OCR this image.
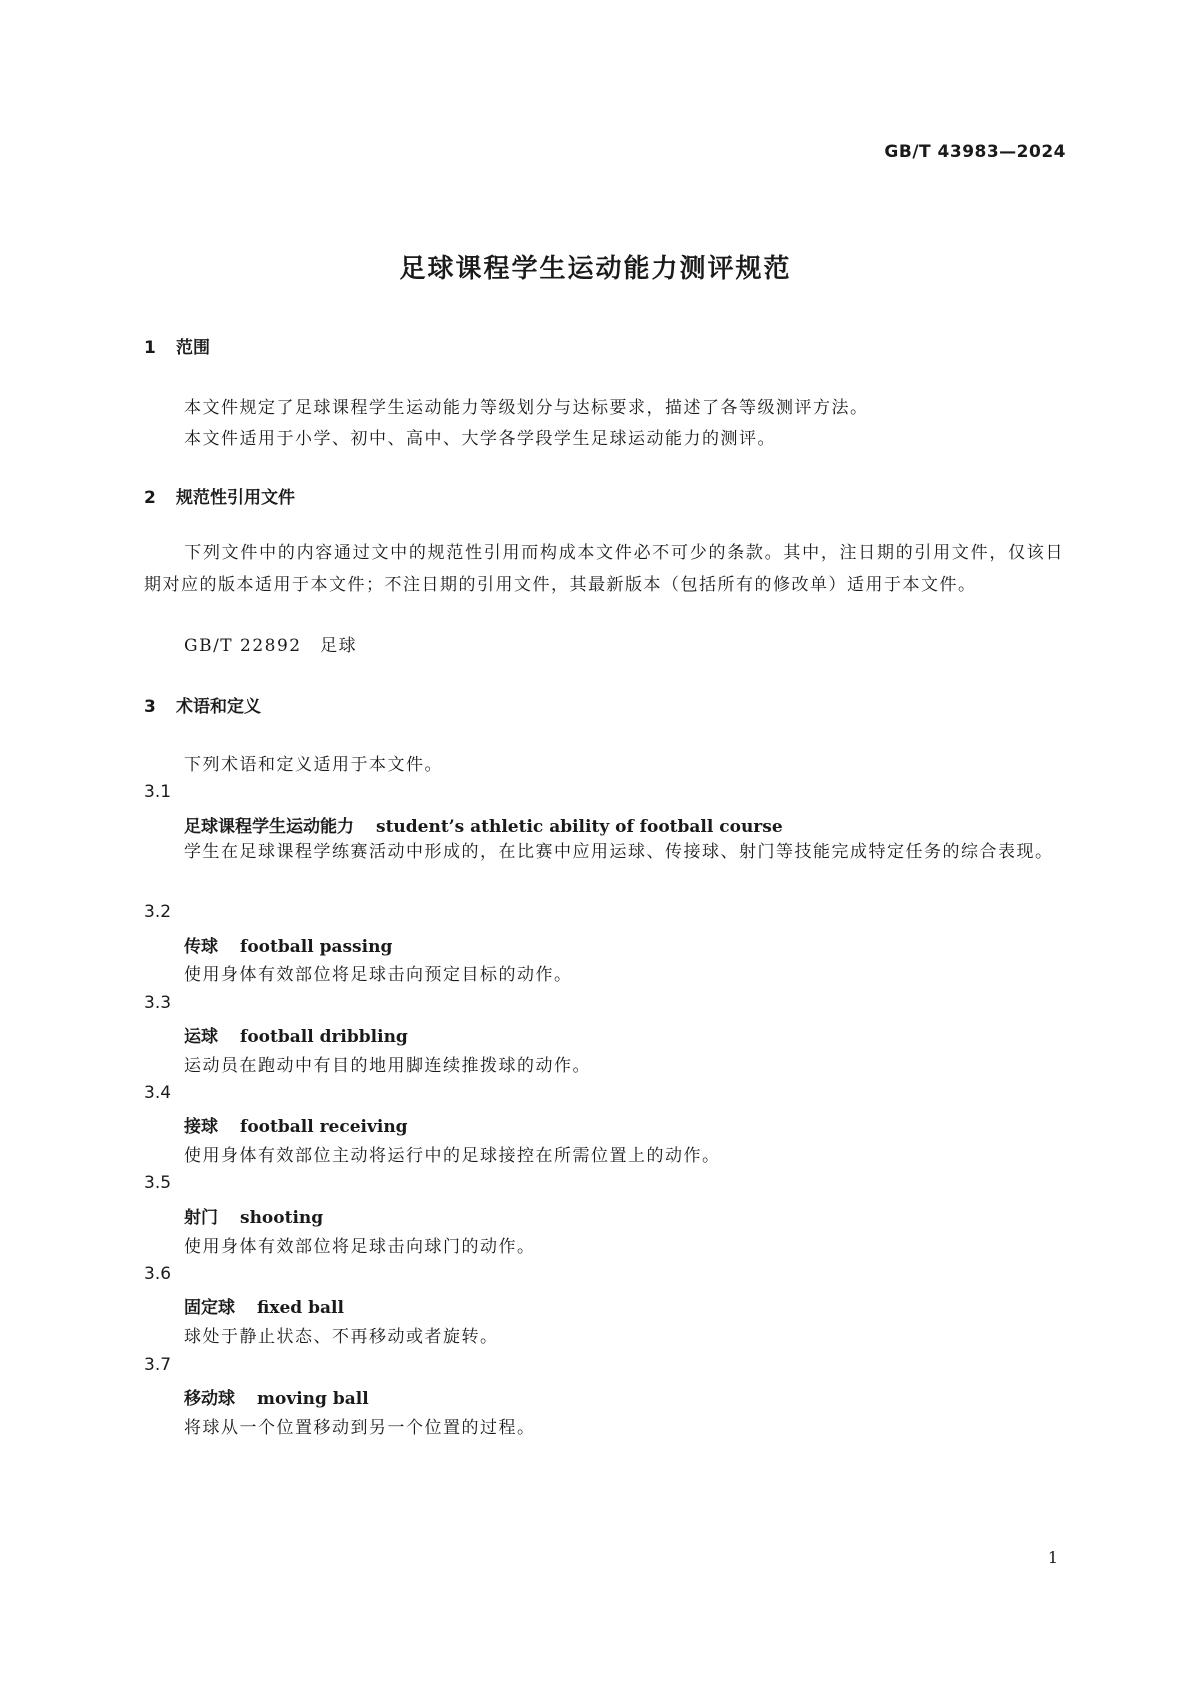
GB/T 43983—2024
足球课程学生运动能力测评规范
1 范围
本文件规定了足球课程学生运动能力等级划分与达标要求，描述了各等级测评方法。
本文件适用于小学、初中、高中、大学各学段学生足球运动能力的测评。
2 规范性引用文件
下列文件中的内容通过文中的规范性引用而构成本文件必不可少的条款。其中，注日期的引用文件，仅该日期对应的版本适用于本文件；不注日期的引用文件，其最新版本（包括所有的修改单）适用于本文件。
GB/T 22892　足球
3 术语和定义
下列术语和定义适用于本文件。
3.1
足球课程学生运动能力 student’s athletic ability of football course
学生在足球课程学练赛活动中形成的，在比赛中应用运球、传接球、射门等技能完成特定任务的综合表现。
3.2
传球 football passing
使用身体有效部位将足球击向预定目标的动作。
3.3
运球 football dribbling
运动员在跑动中有目的地用脚连续推拨球的动作。
3.4
接球 football receiving
使用身体有效部位主动将运行中的足球接控在所需位置上的动作。
3.5
射门 shooting
使用身体有效部位将足球击向球门的动作。
3.6
固定球 fixed ball
球处于静止状态、不再移动或者旋转。
3.7
移动球 moving ball
将球从一个位置移动到另一个位置的过程。
1
